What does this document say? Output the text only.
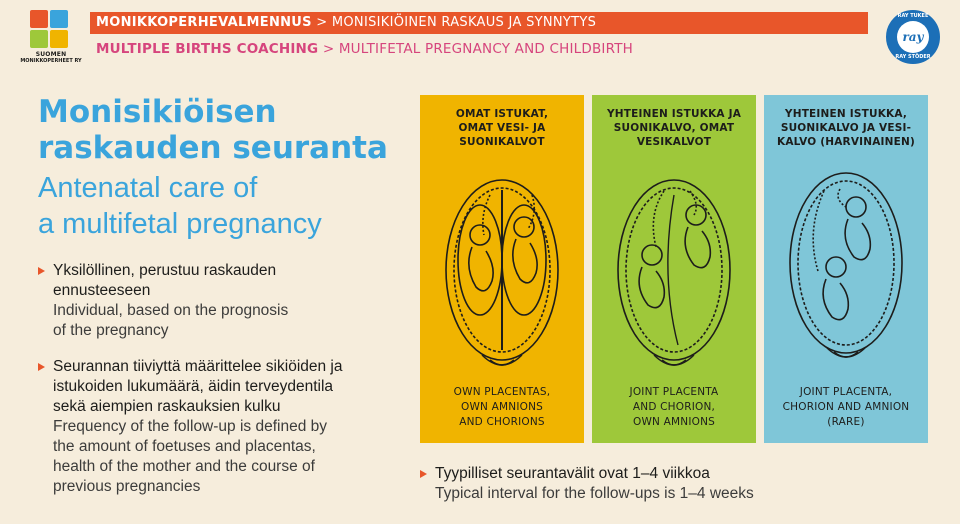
SUOMEN
MONIKKOPERHEET RY
MONIKKOPERHEVALMENNUS > MONISIKIÖINEN RASKAUS JA SYNNYTYS
MULTIPLE BIRTHS COACHING > MULTIFETAL PREGNANCY AND CHILDBIRTH
RAY TUKEE
ray
RAY STÖDER
Monisikiöisen
raskauden seuranta
Antenatal care of
a multifetal pregnancy
Yksilöllinen, perustuu raskauden
ennusteeseen
Individual, based on the prognosis
of the pregnancy
Seurannan tiiviyttä määrittelee sikiöiden ja
istukoiden lukumäärä, äidin terveydentila
sekä aiempien raskauksien kulku
Frequency of the follow-up is defined by
the amount of foetuses and placentas,
health of the mother and the course of
previous pregnancies
OMAT ISTUKAT,
OMAT VESI- JA
SUONIKALVOT
OWN PLACENTAS,
OWN AMNIONS
AND CHORIONS
YHTEINEN ISTUKKA JA
SUONIKALVO, OMAT
VESIKALVOT
JOINT PLACENTA
AND CHORION,
OWN AMNIONS
YHTEINEN ISTUKKA,
SUONIKALVO JA VESI-
KALVO (HARVINAINEN)
JOINT PLACENTA,
CHORION AND AMNION
(RARE)
Tyypilliset seurantavälit ovat 1–4 viikkoa
Typical interval for the follow-ups is 1–4 weeks
